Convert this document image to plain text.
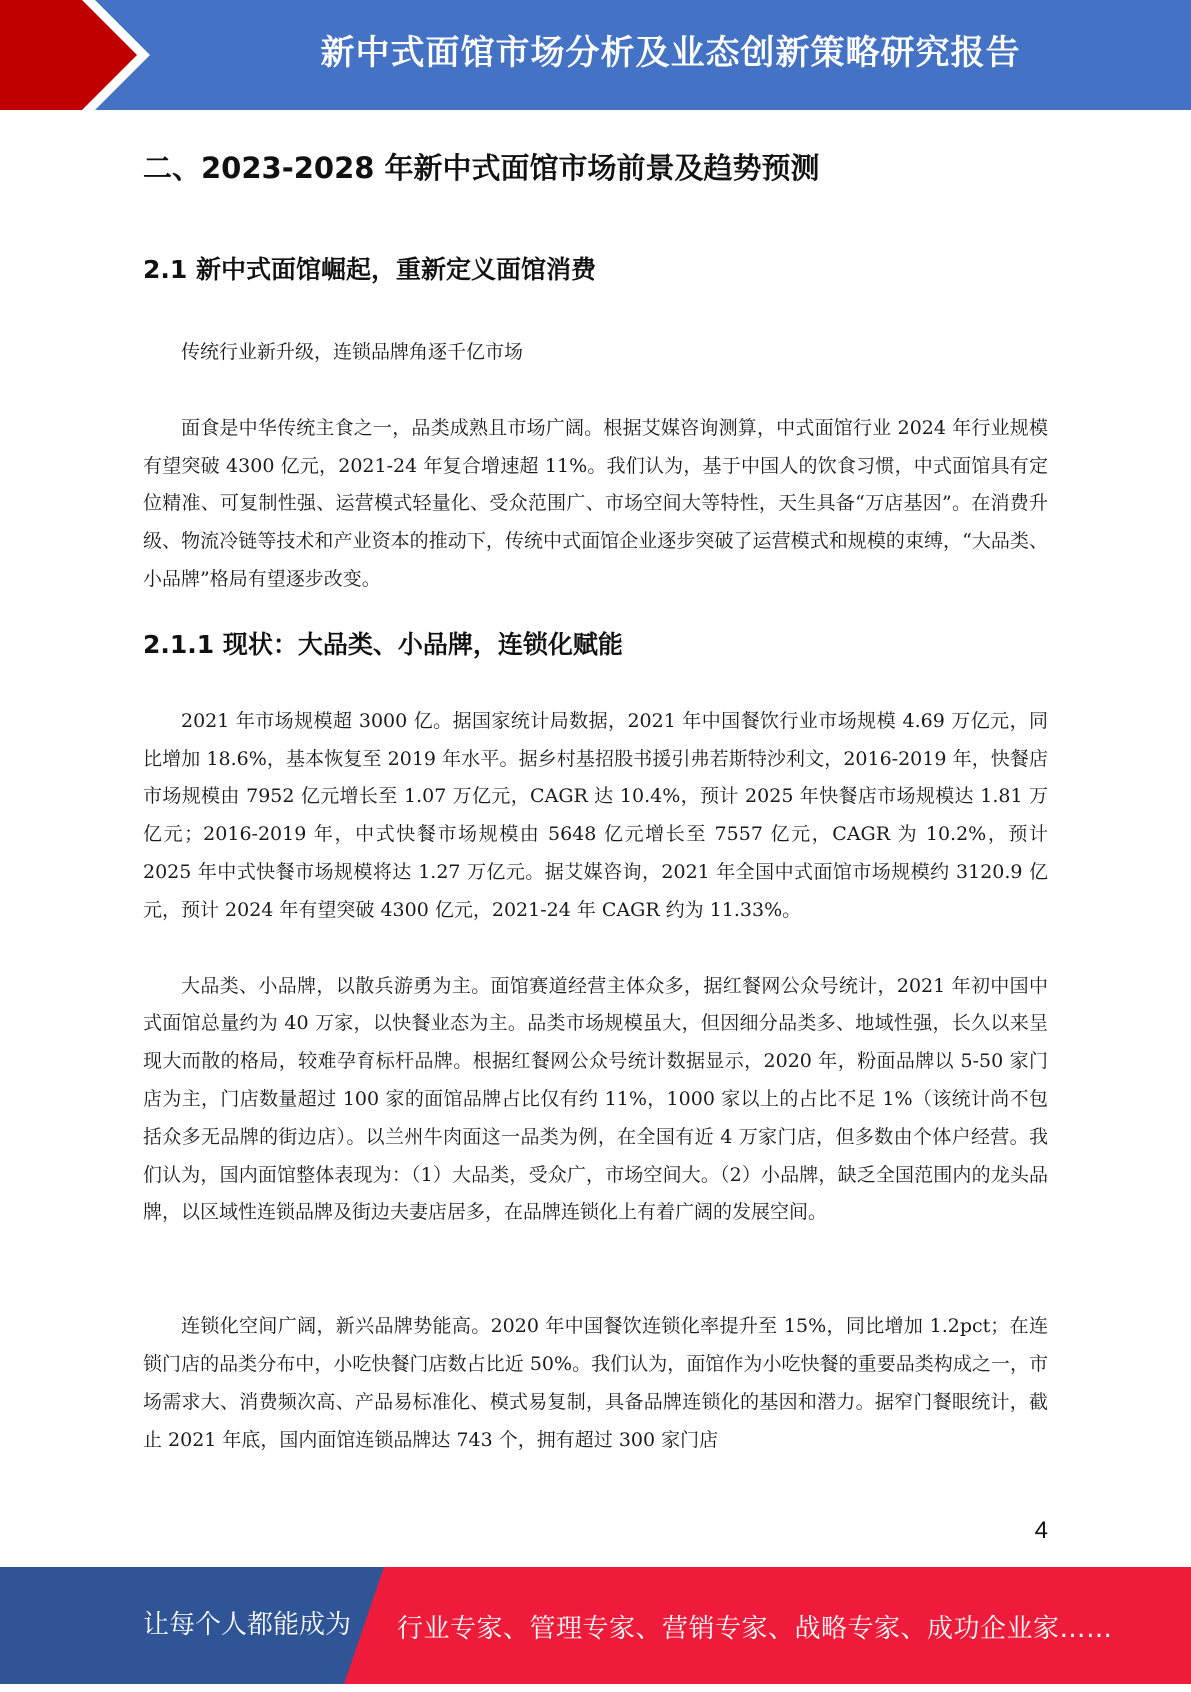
新中式面馆市场分析及业态创新策略研究报告
二、2023-2028 年新中式面馆市场前景及趋势预测
2.1 新中式面馆崛起，重新定义面馆消费
传统行业新升级，连锁品牌角逐千亿市场

面食是中华传统主食之一，品类成熟且市场广阔。根据艾媒咨询测算，中式面馆行业 2024 年行业规模有望突破 4300 亿元，2021-24 年复合增速超 11%。我们认为，基于中国人的饮食习惯，中式面馆具有定位精准、可复制性强、运营模式轻量化、受众范围广、市场空间大等特性，天生具备“万店基因”。在消费升级、物流冷链等技术和产业资本的推动下，传统中式面馆企业逐步突破了运营模式和规模的束缚，“大品类、小品牌”格局有望逐步改变。

2.1.1 现状：大品类、小品牌，连锁化赋能

2021 年市场规模超 3000 亿。据国家统计局数据，2021 年中国餐饮行业市场规模 4.69 万亿元，同比增加 18.6%，基本恢复至 2019 年水平。据乡村基招股书援引弗若斯特沙利文，2016-2019 年，快餐店市场规模由 7952 亿元增长至 1.07 万亿元，CAGR 达 10.4%，预计 2025 年快餐店市场规模达 1.81 万亿元；2016-2019 年，中式快餐市场规模由 5648 亿元增长至 7557 亿元，CAGR 为 10.2%，预计 2025 年中式快餐市场规模将达 1.27 万亿元。据艾媒咨询，2021 年全国中式面馆市场规模约 3120.9 亿元，预计 2024 年有望突破 4300 亿元，2021-24 年 CAGR 约为 11.33%。

大品类、小品牌，以散兵游勇为主。面馆赛道经营主体众多，据红餐网公众号统计，2021 年初中国中式面馆总量约为 40 万家，以快餐业态为主。品类市场规模虽大，但因细分品类多、地域性强，长久以来呈现大而散的格局，较难孕育标杆品牌。根据红餐网公众号统计数据显示，2020 年，粉面品牌以 5-50 家门店为主，门店数量超过 100 家的面馆品牌占比仅有约 11%，1000 家以上的占比不足 1%（该统计尚不包括众多无品牌的街边店）。以兰州牛肉面这一品类为例，在全国有近 4 万家门店，但多数由个体户经营。我们认为，国内面馆整体表现为：（1）大品类，受众广，市场空间大。（2）小品牌，缺乏全国范围内的龙头品牌，以区域性连锁品牌及街边夫妻店居多，在品牌连锁化上有着广阔的发展空间。

连锁化空间广阔，新兴品牌势能高。2020 年中国餐饮连锁化率提升至 15%，同比增加 1.2pct；在连锁门店的品类分布中，小吃快餐门店数占比近 50%。我们认为，面馆作为小吃快餐的重要品类构成之一，市场需求大、消费频次高、产品易标准化、模式易复制，具备品牌连锁化的基因和潜力。据窄门餐眼统计，截止 2021 年底，国内面馆连锁品牌达 743 个，拥有超过 300 家门店

4
让每个人都能成为 行业专家、管理专家、营销专家、战略专家、成功企业家……
